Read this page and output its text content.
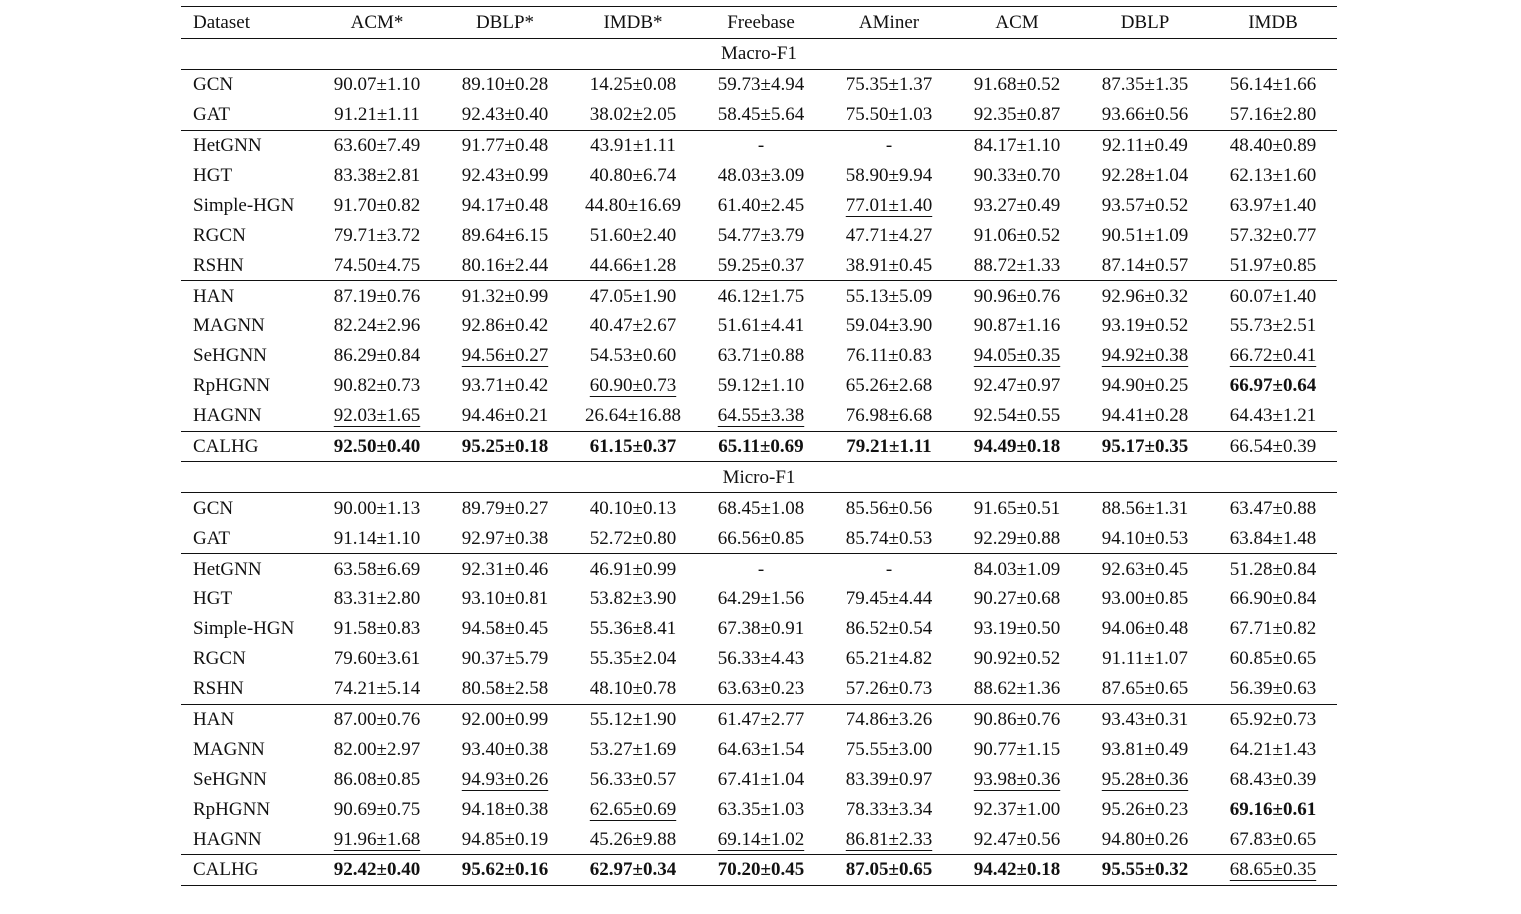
Dataset	ACM*	DBLP*	IMDB*	Freebase	AMiner	ACM	DBLP	IMDB
Macro-F1								
GCN	90.07±1.10	89.10±0.28	14.25±0.08	59.73±4.94	75.35±1.37	91.68±0.52	87.35±1.35	56.14±1.66
GAT	91.21±1.11	92.43±0.40	38.02±2.05	58.45±5.64	75.50±1.03	92.35±0.87	93.66±0.56	57.16±2.80
HetGNN	63.60±7.49	91.77±0.48	43.91±1.11	-	-	84.17±1.10	92.11±0.49	48.40±0.89
HGT	83.38±2.81	92.43±0.99	40.80±6.74	48.03±3.09	58.90±9.94	90.33±0.70	92.28±1.04	62.13±1.60
Simple-HGN	91.70±0.82	94.17±0.48	44.80±16.69	61.40±2.45	77.01±1.40	93.27±0.49	93.57±0.52	63.97±1.40
RGCN	79.71±3.72	89.64±6.15	51.60±2.40	54.77±3.79	47.71±4.27	91.06±0.52	90.51±1.09	57.32±0.77
RSHN	74.50±4.75	80.16±2.44	44.66±1.28	59.25±0.37	38.91±0.45	88.72±1.33	87.14±0.57	51.97±0.85
HAN	87.19±0.76	91.32±0.99	47.05±1.90	46.12±1.75	55.13±5.09	90.96±0.76	92.96±0.32	60.07±1.40
MAGNN	82.24±2.96	92.86±0.42	40.47±2.67	51.61±4.41	59.04±3.90	90.87±1.16	93.19±0.52	55.73±2.51
SeHGNN	86.29±0.84	94.56±0.27	54.53±0.60	63.71±0.88	76.11±0.83	94.05±0.35	94.92±0.38	66.72±0.41
RpHGNN	90.82±0.73	93.71±0.42	60.90±0.73	59.12±1.10	65.26±2.68	92.47±0.97	94.90±0.25	66.97±0.64
HAGNN	92.03±1.65	94.46±0.21	26.64±16.88	64.55±3.38	76.98±6.68	92.54±0.55	94.41±0.28	64.43±1.21
CALHG	92.50±0.40	95.25±0.18	61.15±0.37	65.11±0.69	79.21±1.11	94.49±0.18	95.17±0.35	66.54±0.39
Micro-F1								
GCN	90.00±1.13	89.79±0.27	40.10±0.13	68.45±1.08	85.56±0.56	91.65±0.51	88.56±1.31	63.47±0.88
GAT	91.14±1.10	92.97±0.38	52.72±0.80	66.56±0.85	85.74±0.53	92.29±0.88	94.10±0.53	63.84±1.48
HetGNN	63.58±6.69	92.31±0.46	46.91±0.99	-	-	84.03±1.09	92.63±0.45	51.28±0.84
HGT	83.31±2.80	93.10±0.81	53.82±3.90	64.29±1.56	79.45±4.44	90.27±0.68	93.00±0.85	66.90±0.84
Simple-HGN	91.58±0.83	94.58±0.45	55.36±8.41	67.38±0.91	86.52±0.54	93.19±0.50	94.06±0.48	67.71±0.82
RGCN	79.60±3.61	90.37±5.79	55.35±2.04	56.33±4.43	65.21±4.82	90.92±0.52	91.11±1.07	60.85±0.65
RSHN	74.21±5.14	80.58±2.58	48.10±0.78	63.63±0.23	57.26±0.73	88.62±1.36	87.65±0.65	56.39±0.63
HAN	87.00±0.76	92.00±0.99	55.12±1.90	61.47±2.77	74.86±3.26	90.86±0.76	93.43±0.31	65.92±0.73
MAGNN	82.00±2.97	93.40±0.38	53.27±1.69	64.63±1.54	75.55±3.00	90.77±1.15	93.81±0.49	64.21±1.43
SeHGNN	86.08±0.85	94.93±0.26	56.33±0.57	67.41±1.04	83.39±0.97	93.98±0.36	95.28±0.36	68.43±0.39
RpHGNN	90.69±0.75	94.18±0.38	62.65±0.69	63.35±1.03	78.33±3.34	92.37±1.00	95.26±0.23	69.16±0.61
HAGNN	91.96±1.68	94.85±0.19	45.26±9.88	69.14±1.02	86.81±2.33	92.47±0.56	94.80±0.26	67.83±0.65
CALHG	92.42±0.40	95.62±0.16	62.97±0.34	70.20±0.45	87.05±0.65	94.42±0.18	95.55±0.32	68.65±0.35
